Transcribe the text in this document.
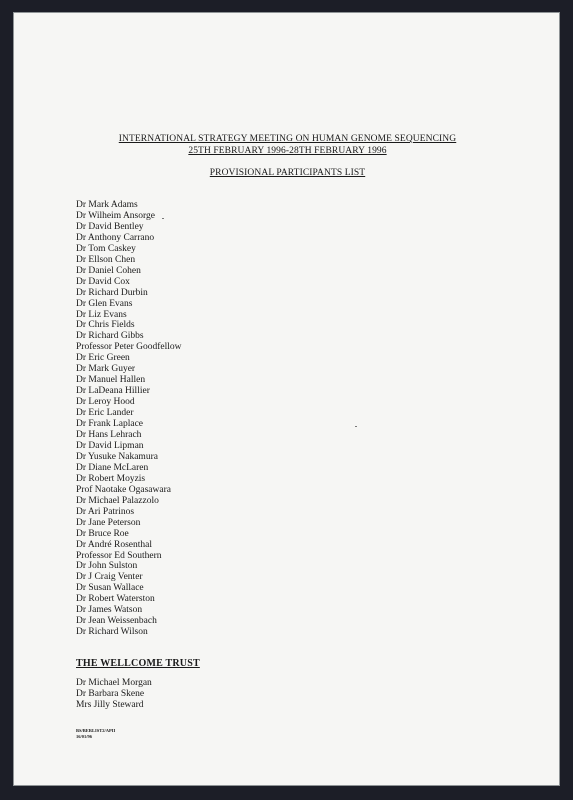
INTERNATIONAL STRATEGY MEETING ON HUMAN GENOME SEQUENCING
25TH FEBRUARY 1996-28TH FEBRUARY 1996
PROVISIONAL PARTICIPANTS LIST
Dr Mark Adams
Dr Wilheim Ansorge
Dr David Bentley
Dr Anthony Carrano
Dr Tom Caskey
Dr Ellson Chen
Dr Daniel Cohen
Dr David Cox
Dr Richard Durbin
Dr Glen Evans
Dr Liz Evans
Dr Chris Fields
Dr Richard Gibbs
Professor Peter Goodfellow
Dr Eric Green
Dr Mark Guyer
Dr Manuel Hallen
Dr LaDeana Hillier
Dr Leroy Hood
Dr Eric Lander
Dr Frank Laplace
Dr Hans Lehrach
Dr David Lipman
Dr Yusuke Nakamura
Dr Diane McLaren
Dr Robert Moyzis
Prof Naotake Ogasawara
Dr Michael Palazzolo
Dr Ari Patrinos
Dr Jane Peterson
Dr Bruce Roe
Dr André Rosenthal
Professor Ed Southern
Dr John Sulston
Dr J Craig Venter
Dr Susan Wallace
Dr Robert Waterston
Dr James Watson
Dr Jean Weissenbach
Dr Richard Wilson
THE WELLCOME TRUST
Dr Michael Morgan
Dr Barbara Skene
Mrs Jilly Steward
BS/BERLIST2/APII
16/01/96
